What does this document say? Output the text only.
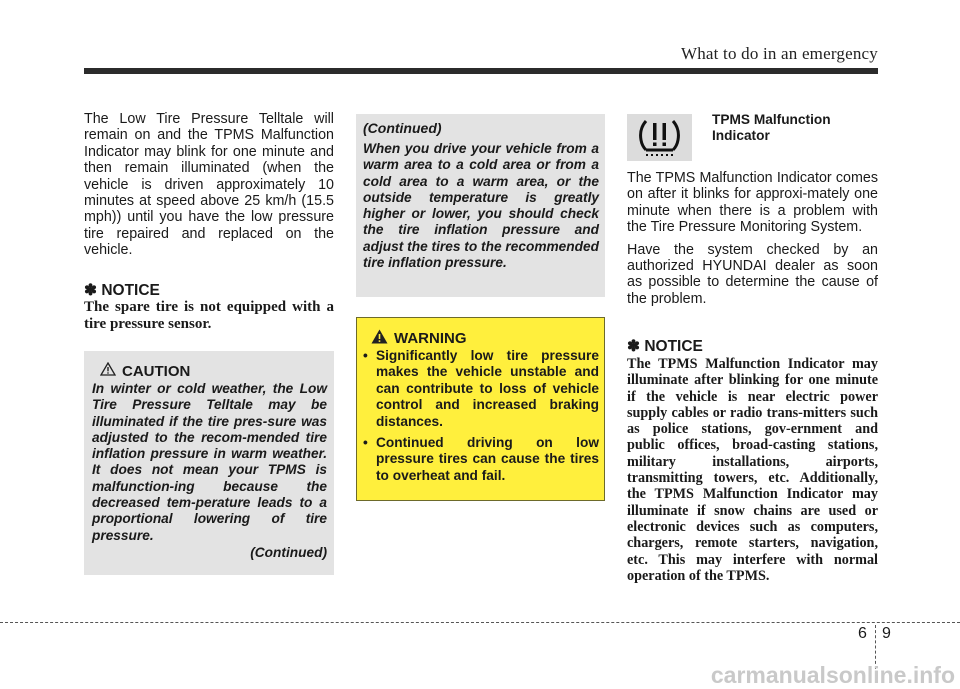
What to do in an emergency

The Low Tire Pressure Telltale will remain on and the TPMS Malfunction Indicator may blink for one minute and then remain illuminated (when the vehicle is driven approximately 10 minutes at speed above 25 km/h (15.5 mph)) until you have the low pressure tire repaired and replaced on the vehicle.

✽ NOTICE
The spare tire is not equipped with a tire pressure sensor.
CAUTION
In winter or cold weather, the Low Tire Pressure Telltale may be illuminated if the tire pres-sure was adjusted to the recom-mended tire inflation pressure in warm weather. It does not mean your TPMS is malfunction-ing because the decreased tem-perature leads to a proportional lowering of tire pressure.
(Continued)
(Continued)
When you drive your vehicle from a warm area to a cold area or from a cold area to a warm area, or the outside temperature is greatly higher or lower, you should check the tire inflation pressure and adjust the tires to the recommended tire inflation pressure.
WARNING
• Significantly low tire pressure makes the vehicle unstable and can contribute to loss of vehicle control and increased braking distances.
• Continued driving on low pressure tires can cause the tires to overheat and fail.
TPMS Malfunction Indicator

The TPMS Malfunction Indicator comes on after it blinks for approxi-mately one minute when there is a problem with the Tire Pressure Monitoring System.

Have the system checked by an authorized HYUNDAI dealer as soon as possible to determine the cause of the problem.

✽ NOTICE
The TPMS Malfunction Indicator may illuminate after blinking for one minute if the vehicle is near electric power supply cables or radio trans-mitters such as police stations, gov-ernment and public offices, broad-casting stations, military installations, airports, transmitting towers, etc. Additionally, the TPMS Malfunction Indicator may illuminate if snow chains are used or electronic devices such as computers, chargers, remote starters, navigation, etc. This may interfere with normal operation of the TPMS.
6 9
carmanualsonline.info
